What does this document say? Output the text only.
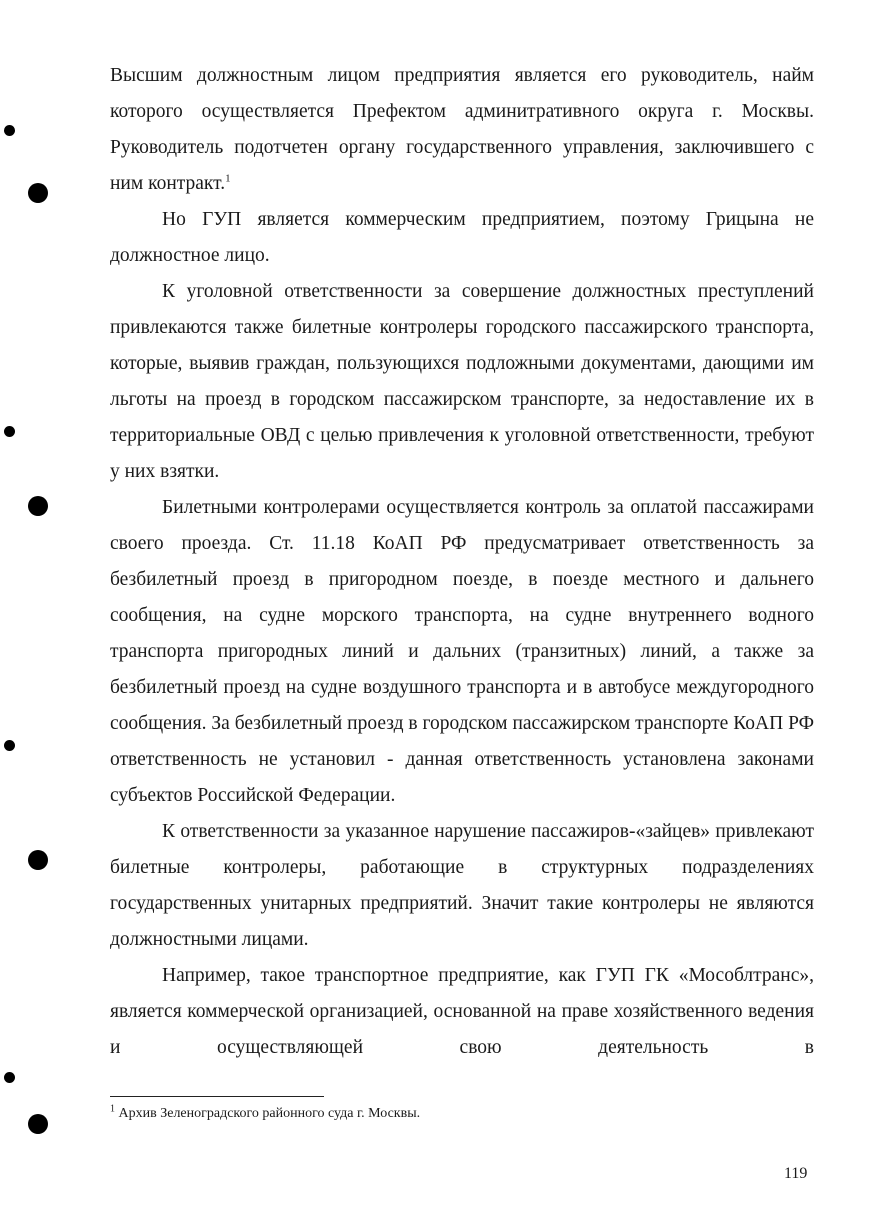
Высшим должностным лицом предприятия является его руководитель, найм которого осуществляется Префектом админитративного округа г. Москвы. Руководитель подотчетен органу государственного управления, заключившего с ним контракт.$^1$

Но ГУП является коммерческим предприятием, поэтому Грицына не должностное лицо.

К уголовной ответственности за совершение должностных преступлений привлекаются также билетные контролеры городского пассажирского транспорта, которые, выявив граждан, пользующихся подложными документами, дающими им льготы на проезд в городском пассажирском транспорте, за недоставление их в территориальные ОВД с целью привлечения к уголовной ответственности, требуют у них взятки.

Билетными контролерами осуществляется контроль за оплатой пассажирами своего проезда. Ст. 11.18 КоАП РФ предусматривает ответственность за безбилетный проезд в пригородном поезде, в поезде местного и дальнего сообщения, на судне морского транспорта, на судне внутреннего водного транспорта пригородных линий и дальних (транзитных) линий, а также за безбилетный проезд на судне воздушного транспорта и в автобусе междугородного сообщения. За безбилетный проезд в городском пассажирском транспорте КоАП РФ ответственность не установил - данная ответственность установлена законами субъектов Российской Федерации.

К ответственности за указанное нарушение пассажиров-«зайцев» привлекают билетные контролеры, работающие в структурных подразделениях государственных унитарных предприятий. Значит такие контролеры не являются должностными лицами.

Например, такое транспортное предприятие, как ГУП ГК «Мособлтранс», является коммерческой организацией, основанной на праве хозяйственного ведения и осуществляющей свою деятельность в

$^1$ Архив Зеленоградского районного суда г. Москвы.
119
